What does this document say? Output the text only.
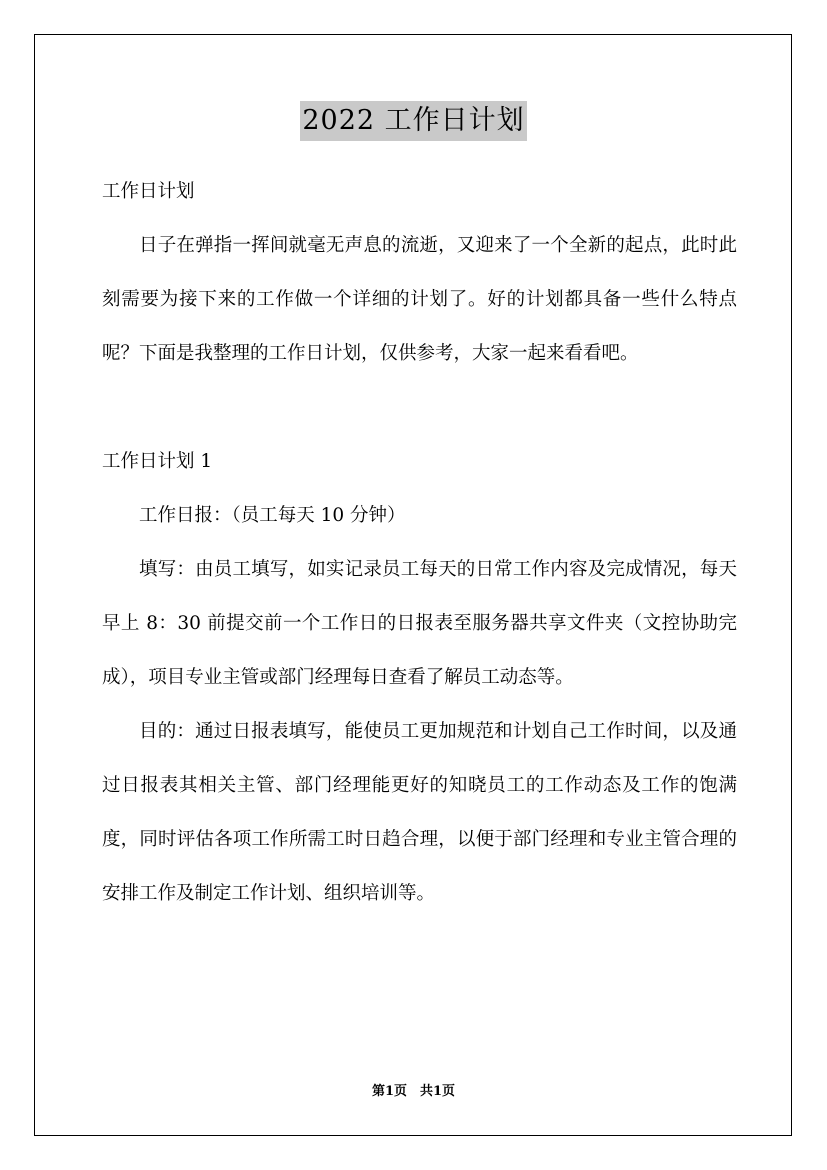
2022 工作日计划

工作日计划

日子在弹指一挥间就毫无声息的流逝，又迎来了一个全新的起点，此时此刻需要为接下来的工作做一个详细的计划了。好的计划都具备一些什么特点呢？下面是我整理的工作日计划，仅供参考，大家一起来看看吧。

工作日计划 1

工作日报：（员工每天 10 分钟）

填写：由员工填写，如实记录员工每天的日常工作内容及完成情况，每天早上 8：30 前提交前一个工作日的日报表至服务器共享文件夹（文控协助完成），项目专业主管或部门经理每日查看了解员工动态等。

目的：通过日报表填写，能使员工更加规范和计划自己工作时间，以及通过日报表其相关主管、部门经理能更好的知晓员工的工作动态及工作的饱满度，同时评估各项工作所需工时日趋合理，以便于部门经理和专业主管合理的安排工作及制定工作计划、组织培训等。

第1页　共1页
